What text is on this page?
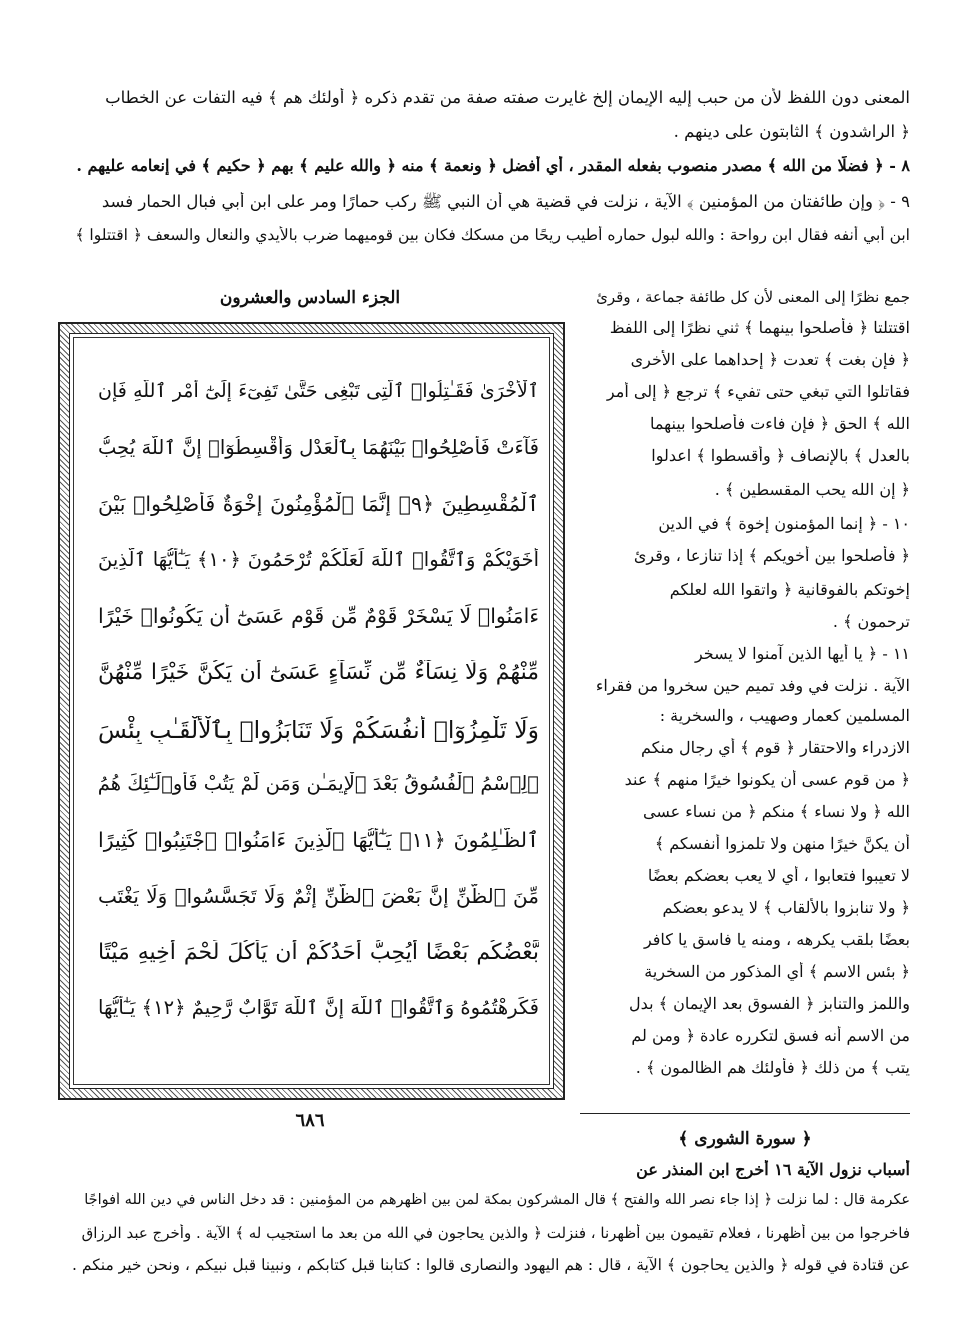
المعنى دون اللفظ لأن من حبب إليه الإيمان إلخ غايرت صفته صفة من تقدم ذكره ﴿ أولئك هم ﴾ فيه التفات عن الخطاب
﴿ الراشدون ﴾ الثابتون على دينهم .
٨ - ﴿ فضلًا من الله ﴾ مصدر منصوب بفعله المقدر ، أي أفضل ﴿ ونعمة ﴾ منه ﴿ والله عليم ﴾ بهم ﴿ حكيم ﴾ في إنعامه عليهم .
٩ - ﴿ وإن طائفتان من المؤمنين ﴾ الآية ، نزلت في قضية هي أن النبي ﷺ ركب حمارًا ومر على ابن أبي فبال الحمار فسد
ابن أبي أنفه فقال ابن رواحة : والله لبول حماره أطيب ريحًا من مسكك فكان بين قوميهما ضرب بالأيدي والنعال والسعف ﴿ اقتتلوا ﴾
الجزء السادس والعشرون	جمع نظرًا إلى المعنى لأن كل طائفة جماعة ، وقرئ
اقتتلتا ﴿ فأصلحوا بينهما ﴾ ثني نظرًا إلى اللفظ
﴿ فإن بغت ﴾ تعدت ﴿ إحداهما على الأخرى
فقاتلوا التي تبغي حتى تفيء ﴾ ترجع ﴿ إلى أمر
الله ﴾ الحق ﴿ فإن فاءت فأصلحوا بينهما
بالعدل ﴾ بالإنصاف ﴿ وأقسطوا ﴾ اعدلوا
﴿ إن الله يحب المقسطين ﴾ .
١٠ - ﴿ إنما المؤمنون إخوة ﴾ في الدين
﴿ فأصلحوا بين أخويكم ﴾ إذا تنازعا ، وقرئ
إخوتكم بالفوقانية ﴿ واتقوا الله لعلكم
ترحمون ﴾ .
١١ - ﴿ يا أيها الذين آمنوا لا يسخر
الآية . نزلت في وفد تميم حين سخروا من فقراء
المسلمين كعمار وصهيب ، والسخرية :
الازدراء والاحتقار ﴿ قوم ﴾ أي رجال منكم
﴿ من قوم عسى أن يكونوا خيرًا منهم ﴾ عند
الله ﴿ ولا نساء ﴾ منكم ﴿ من نساء عسى
أن يكنَّ خيرًا منهن ولا تلمزوا أنفسكم ﴾
لا تعيبوا فتعابوا ، أي لا يعب بعضكم بعضًا
﴿ ولا تنابزوا بالألقاب ﴾ لا يدعو بعضكم
بعضًا بلقب يكرهه ، ومنه يا فاسق يا كافر
﴿ بئس الاسم ﴾ أي المذكور من السخرية
واللمز والتنابز ﴿ الفسوق بعد الإيمان ﴾ بدل
من الاسم أنه فسق لتكرره عادة ﴿ ومن لم
يتب ﴾ من ذلك ﴿ فأولئك هم الظالمون ﴾ .
ٱلْأُخْرَىٰ فَقَـٰتِلُوا۟ ٱلَّتِى تَبْغِى حَتَّىٰ تَفِىٓءَ إِلَىٰٓ أَمْرِ ٱللَّهِ فَإِن
فَآءَتْ فَأَصْلِحُوا۟ بَيْنَهُمَا بِٱلْعَدْلِ وَأَقْسِطُوٓا۟ إِنَّ ٱللَّهَ يُحِبُّ
ٱلْمُقْسِطِينَ ﴿٩﴾ إِنَّمَا ٱلْمُؤْمِنُونَ إِخْوَةٌ فَأَصْلِحُوا۟ بَيْنَ
أَخَوَيْكُمْ وَٱتَّقُوا۟ ٱللَّهَ لَعَلَّكُمْ تُرْحَمُونَ ﴿١٠﴾ يَـٰٓأَيُّهَا ٱلَّذِينَ
ءَامَنُوا۟ لَا يَسْخَرْ قَوْمٌ مِّن قَوْمٍ عَسَىٰٓ أَن يَكُونُوا۟ خَيْرًا
مِّنْهُمْ وَلَا نِسَآءٌ مِّن نِّسَآءٍ عَسَىٰٓ أَن يَكُنَّ خَيْرًا مِّنْهُنَّ
وَلَا تَلْمِزُوٓا۟ أَنفُسَكُمْ وَلَا تَنَابَزُوا۟ بِٱلْأَلْقَـٰبِ بِئْسَ
ٱلِٱسْمُ ٱلْفُسُوقُ بَعْدَ ٱلْإِيمَـٰنِ وَمَن لَّمْ يَتُبْ فَأُو۟لَـٰٓئِكَ هُمُ
ٱلظَّـٰلِمُونَ ﴿١١﴾ يَـٰٓأَيُّهَا ٱلَّذِينَ ءَامَنُوا۟ ٱجْتَنِبُوا۟ كَثِيرًا
مِّنَ ٱلظَّنِّ إِنَّ بَعْضَ ٱلظَّنِّ إِثْمٌ وَلَا تَجَسَّسُوا۟ وَلَا يَغْتَب
بَّعْضُكُم بَعْضًا أَيُحِبُّ أَحَدُكُمْ أَن يَأْكُلَ لَحْمَ أَخِيهِ مَيْتًا
فَكَرِهْتُمُوهُ وَٱتَّقُوا۟ ٱللَّهَ إِنَّ ٱللَّهَ تَوَّابٌ رَّحِيمٌ ﴿١٢﴾ يَـٰٓأَيُّهَا
٦٨٦
﴿ سورة الشورى ﴾
أسباب نزول الآية ١٦ أخرج ابن المنذر عن
عكرمة قال : لما نزلت ﴿ إذا جاء نصر الله والفتح ﴾ قال المشركون بمكة لمن بين أظهرهم من المؤمنين : قد دخل الناس في دين الله أفواجًا
فاخرجوا من بين أظهرنا ، فعلام تقيمون بين أظهرنا ، فنزلت ﴿ والذين يحاجون في الله من بعد ما استجيب له ﴾ الآية . وأخرج عبد الرزاق
عن قتادة في قوله ﴿ والذين يحاجون ﴾ الآية ، قال : هم اليهود والنصارى قالوا : كتابنا قبل كتابكم ، ونبينا قبل نبيكم ، ونحن خير منكم .
